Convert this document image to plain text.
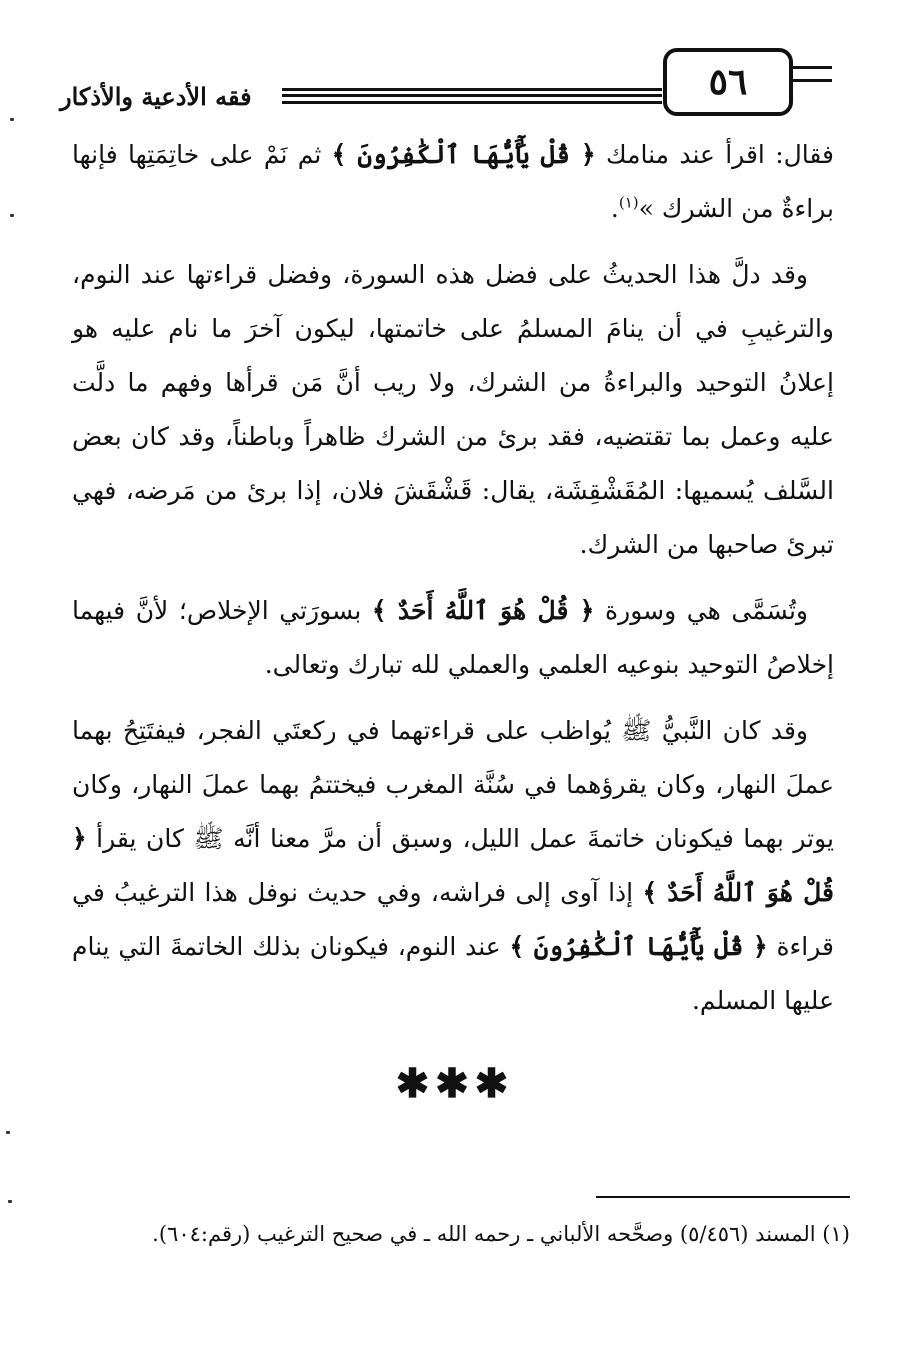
فقه الأدعية والأذكار	٥٦

فقال: اقرأ عند منامك ﴿ قُلْ يَٰٓأَيُّهَا ٱلْكَٰفِرُونَ ﴾ ثم نَمْ على خاتِمَتِها فإنها براءةٌ من الشرك »$^{(١)}$.

وقد دلَّ هذا الحديثُ على فضل هذه السورة، وفضل قراءتها عند النوم، والترغيبِ في أن ينامَ المسلمُ على خاتمتها، ليكون آخرَ ما نام عليه هو إعلانُ التوحيد والبراءةُ من الشرك، ولا ريب أنَّ مَن قرأها وفهم ما دلَّت عليه وعمل بما تقتضيه، فقد برئ من الشرك ظاهراً وباطناً، وقد كان بعض السَّلف يُسميها: المُقَشْقِشَة، يقال: قَشْقَشَ فلان، إذا برئ من مَرضه، فهي تبرئ صاحبها من الشرك.

وتُسَمَّى هي وسورة ﴿ قُلْ هُوَ ٱللَّهُ أَحَدٌ ﴾ بسورَتي الإخلاص؛ لأنَّ فيهما إخلاصُ التوحيد بنوعيه العلمي والعملي لله تبارك وتعالى.

وقد كان النَّبيُّ ﷺ يُواظب على قراءتهما في ركعتَي الفجر، فيفتَتِحُ بهما عملَ النهار، وكان يقرؤهما في سُنَّة المغرب فيختتمُ بهما عملَ النهار، وكان يوتر بهما فيكونان خاتمةَ عمل الليل، وسبق أن مرَّ معنا أنَّه ﷺ كان يقرأ ﴿ قُلْ هُوَ ٱللَّهُ أَحَدٌ ﴾ إذا آوى إلى فراشه، وفي حديث نوفل هذا الترغيبُ في قراءة ﴿ قُلْ يَٰٓأَيُّهَا ٱلْكَٰفِرُونَ ﴾ عند النوم، فيكونان بذلك الخاتمةَ التي ينام عليها المسلم.

✱✱✱
(١) المسند (٥/٤٥٦) وصحَّحه الألباني ـ رحمه الله ـ في صحيح الترغيب (رقم:٦٠٤).
